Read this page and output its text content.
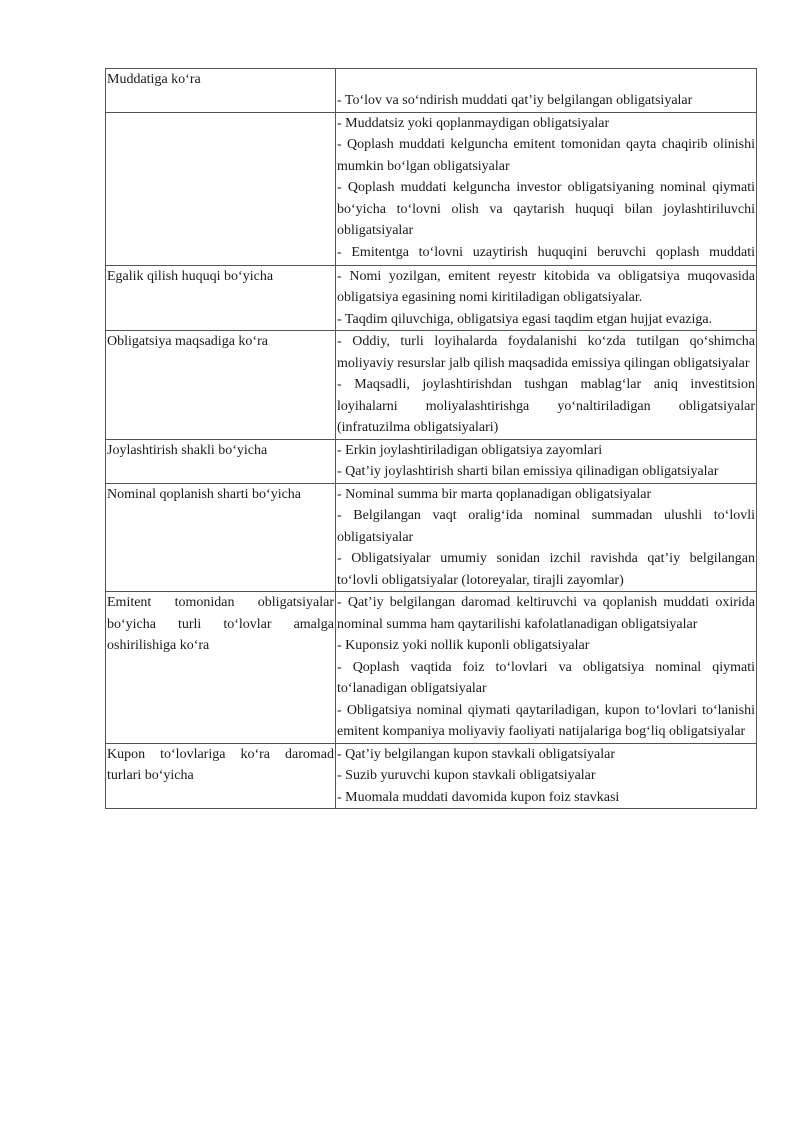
Muddatiga ko‘ra	- To‘lov va so‘ndirish muddati qat’iy belgilangan obligatsiyalar

	- Muddatsiz yoki qoplanmaydigan obligatsiyalar

- Qoplash muddati kelguncha emitent tomonidan qayta chaqirib olinishi mumkin bo‘lgan obligatsiyalar

- Qoplash muddati kelguncha investor obligatsiyaning nominal qiymati bo‘yicha to‘lovni olish va qaytarish huquqi bilan joylashtiriluvchi obligatsiyalar

- Emitentga to‘lovni uzaytirish huquqini beruvchi qoplash muddati

Egalik qilish huquqi bo‘yicha	- Nomi yozilgan, emitent reyestr kitobida va obligatsiya muqovasida obligatsiya egasining nomi kiritiladigan obligatsiyalar.

- Taqdim qiluvchiga, obligatsiya egasi taqdim etgan hujjat evaziga.

Obligatsiya maqsadiga ko‘ra	- Oddiy, turli loyihalarda foydalanishi ko‘zda tutilgan qo‘shimcha moliyaviy resurslar jalb qilish maqsadida emissiya qilingan obligatsiyalar

- Maqsadli, joylashtirishdan tushgan mablag‘lar aniq investitsion loyihalarni moliyalashtirishga yo‘naltiriladigan obligatsiyalar (infratuzilma obligatsiyalari)

Joylashtirish shakli bo‘yicha	- Erkin joylashtiriladigan obligatsiya zayomlari

- Qat’iy joylashtirish sharti bilan emissiya qilinadigan obligatsiyalar

Nominal qoplanish sharti bo‘yicha	- Nominal summa bir marta qoplanadigan obligatsiyalar

- Belgilangan vaqt oralig‘ida nominal summadan ulushli to‘lovli obligatsiyalar

- Obligatsiyalar umumiy sonidan izchil ravishda qat’iy belgilangan to‘lovli obligatsiyalar (lotoreyalar, tirajli zayomlar)

Emitent tomonidan obligatsiyalar bo‘yicha turli to‘lovlar amalga oshirilishiga ko‘ra	- Qat’iy belgilangan daromad keltiruvchi va qoplanish muddati oxirida nominal summa ham qaytarilishi kafolatlanadigan obligatsiyalar

- Kuponsiz yoki nollik kuponli obligatsiyalar

- Qoplash vaqtida foiz to‘lovlari va obligatsiya nominal qiymati to‘lanadigan obligatsiyalar

- Obligatsiya nominal qiymati qaytariladigan, kupon to‘lovlari to‘lanishi emitent kompaniya moliyaviy faoliyati natijalariga bog‘liq obligatsiyalar

Kupon to‘lovlariga ko‘ra daromad turlari bo‘yicha	- Qat’iy belgilangan kupon stavkali obligatsiyalar

- Suzib yuruvchi kupon stavkali obligatsiyalar

- Muomala muddati davomida kupon foiz stavkasi
